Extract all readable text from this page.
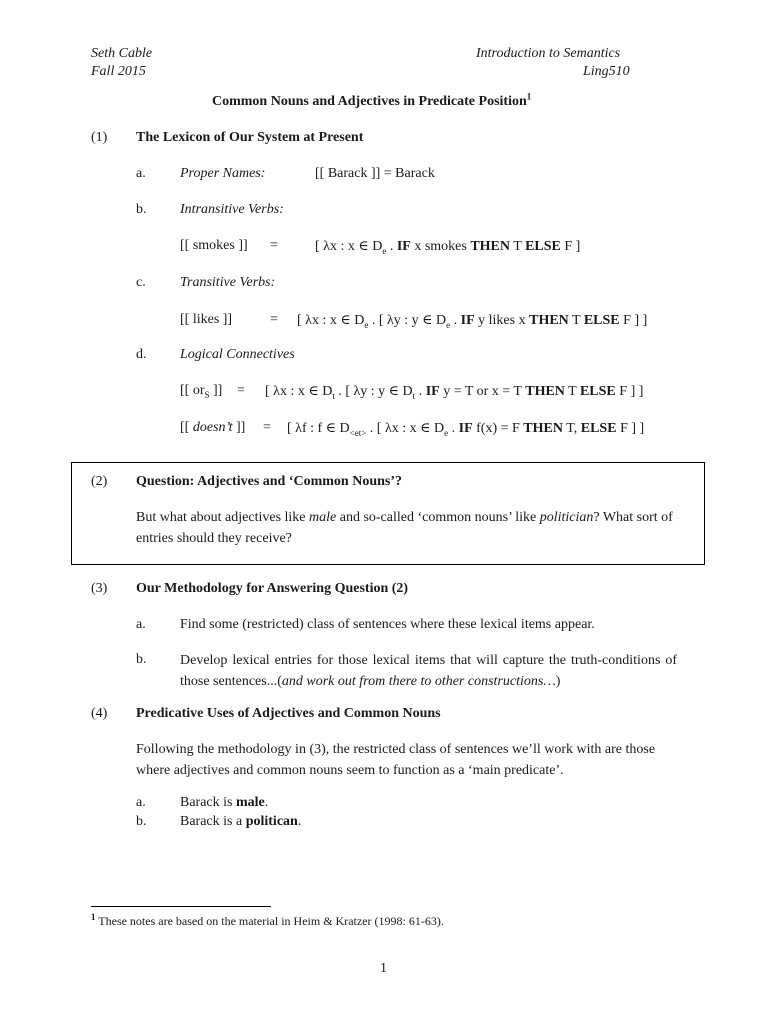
Seth Cable
Fall 2015
Introduction to Semantics
Ling510
Common Nouns and Adjectives in Predicate Position$^1$
(1) The Lexicon of Our System at Present
a. Proper Names:	[[ Barack ]] = Barack
b. Intransitive Verbs:
[[ smokes ]] =	[ λx : x ∈ $D_e$ . IF x smokes THEN T ELSE F ]
c. Transitive Verbs:
[[ likes ]]	= [ λx : x ∈ $D_e$ . [ λy : y ∈ $D_e$ . IF y likes x THEN T ELSE F ] ]
d. Logical Connectives
[[ $or_S$ ]] = [ λx : x ∈ $D_t$ . [ λy : y ∈ $D_t$ . IF y = T or x = T THEN T ELSE F ] ]
[[ doesn’t ]] = [ λf : f ∈ $D_{<et>}$ . [ λx : x ∈ $D_e$ . IF f(x) = F THEN T, ELSE F ] ]
(2) Question: Adjectives and ‘Common Nouns’?
But what about adjectives like male and so-called ‘common nouns’ like politician? What sort of entries should they receive?
(3) Our Methodology for Answering Question (2)
a. Find some (restricted) class of sentences where these lexical items appear.
b. Develop lexical entries for those lexical items that will capture the truth-conditions of those sentences...(and work out from there to other constructions…)
(4) Predicative Uses of Adjectives and Common Nouns
Following the methodology in (3), the restricted class of sentences we’ll work with are those where adjectives and common nouns seem to function as a ‘main predicate’.
a. Barack is male.
b. Barack is a politican.
$^1$ These notes are based on the material in Heim & Kratzer (1998: 61-63).
1
